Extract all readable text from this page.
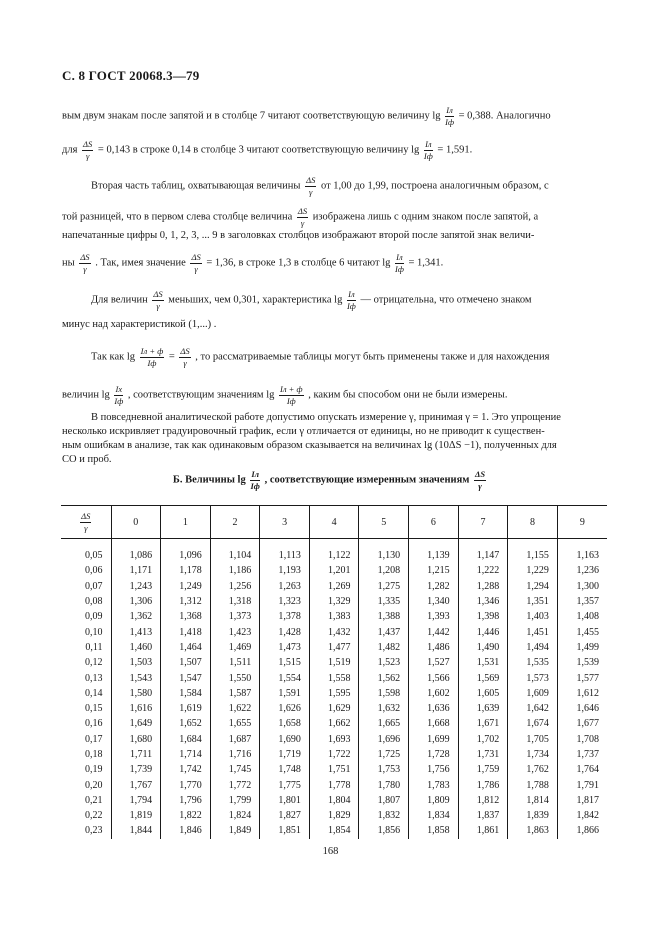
С. 8 ГОСТ 20068.3—79
вым двум знакам после запятой и в столбце 7 читают соответствующую величину $\lg \frac{Iл}{Iф} = 0,388$. Аналогично
для $\frac{\Delta S}{\gamma} = 0,143$ в строке 0,14 в столбце 3 читают соответствующую величину $\lg \frac{Iл}{Iф} = 1,591$.
Вторая часть таблиц, охватывающая величины $\frac{\Delta S}{\gamma}$ от 1,00 до 1,99, построена аналогичным образом, с
той разницей, что в первом слева столбце величина $\frac{\Delta S}{\gamma}$ изображена лишь с одним знаком после запятой, а
напечатанные цифры 0, 1, 2, 3, ... 9 в заголовках столбцов изображают второй после запятой знак величи-
ны $\frac{\Delta S}{\gamma}$ . Так, имея значение $\frac{\Delta S}{\gamma} = 1,36$, в строке 1,3 в столбце 6 читают $\lg \frac{Iл}{Iф} = 1,341$.
Для величин $\frac{\Delta S}{\gamma}$ меньших, чем 0,301, характеристика $\lg \frac{Iл}{Iф}$ — отрицательна, что отмечено знаком
минус над характеристикой (1,...) .
Так как $\lg \frac{Iл + ф}{Iф} = \frac{\Delta S}{\gamma}$ , то рассматриваемые таблицы могут быть применены также и для нахождения
величин $\lg \frac{Ix}{Iф}$ , соответствующим значениям $\lg \frac{Iл + ф}{Iф}$ , каким бы способом они не были измерены.
В повседневной аналитической работе допустимо опускать измерение γ, принимая γ = 1. Это упрощение
несколько искривляет градуировочный график, если γ отличается от единицы, но не приводит к существен-
ным ошибкам в анализе, так как одинаковым образом сказывается на величинах lg (10ΔS −1), полученных для
СО и проб.
Б. Величины $\lg \frac{Iл}{Iф}$ , соответствующие измеренным значениям $\frac{\Delta S}{\gamma}$
$\frac{\Delta S}{\gamma}$	0	1	2	3	4	5	6	7	8	9
0,05	1,086	1,096	1,104	1,113	1,122	1,130	1,139	1,147	1,155	1,163
0,06	1,171	1,178	1,186	1,193	1,201	1,208	1,215	1,222	1,229	1,236
0,07	1,243	1,249	1,256	1,263	1,269	1,275	1,282	1,288	1,294	1,300
0,08	1,306	1,312	1,318	1,323	1,329	1,335	1,340	1,346	1,351	1,357
0,09	1,362	1,368	1,373	1,378	1,383	1,388	1,393	1,398	1,403	1,408
0,10	1,413	1,418	1,423	1,428	1,432	1,437	1,442	1,446	1,451	1,455
0,11	1,460	1,464	1,469	1,473	1,477	1,482	1,486	1,490	1,494	1,499
0,12	1,503	1,507	1,511	1,515	1,519	1,523	1,527	1,531	1,535	1,539
0,13	1,543	1,547	1,550	1,554	1,558	1,562	1,566	1,569	1,573	1,577
0,14	1,580	1,584	1,587	1,591	1,595	1,598	1,602	1,605	1,609	1,612
0,15	1,616	1,619	1,622	1,626	1,629	1,632	1,636	1,639	1,642	1,646
0,16	1,649	1,652	1,655	1,658	1,662	1,665	1,668	1,671	1,674	1,677
0,17	1,680	1,684	1,687	1,690	1,693	1,696	1,699	1,702	1,705	1,708
0,18	1,711	1,714	1,716	1,719	1,722	1,725	1,728	1,731	1,734	1,737
0,19	1,739	1,742	1,745	1,748	1,751	1,753	1,756	1,759	1,762	1,764
0,20	1,767	1,770	1,772	1,775	1,778	1,780	1,783	1,786	1,788	1,791
0,21	1,794	1,796	1,799	1,801	1,804	1,807	1,809	1,812	1,814	1,817
0,22	1,819	1,822	1,824	1,827	1,829	1,832	1,834	1,837	1,839	1,842
0,23	1,844	1,846	1,849	1,851	1,854	1,856	1,858	1,861	1,863	1,866
168
